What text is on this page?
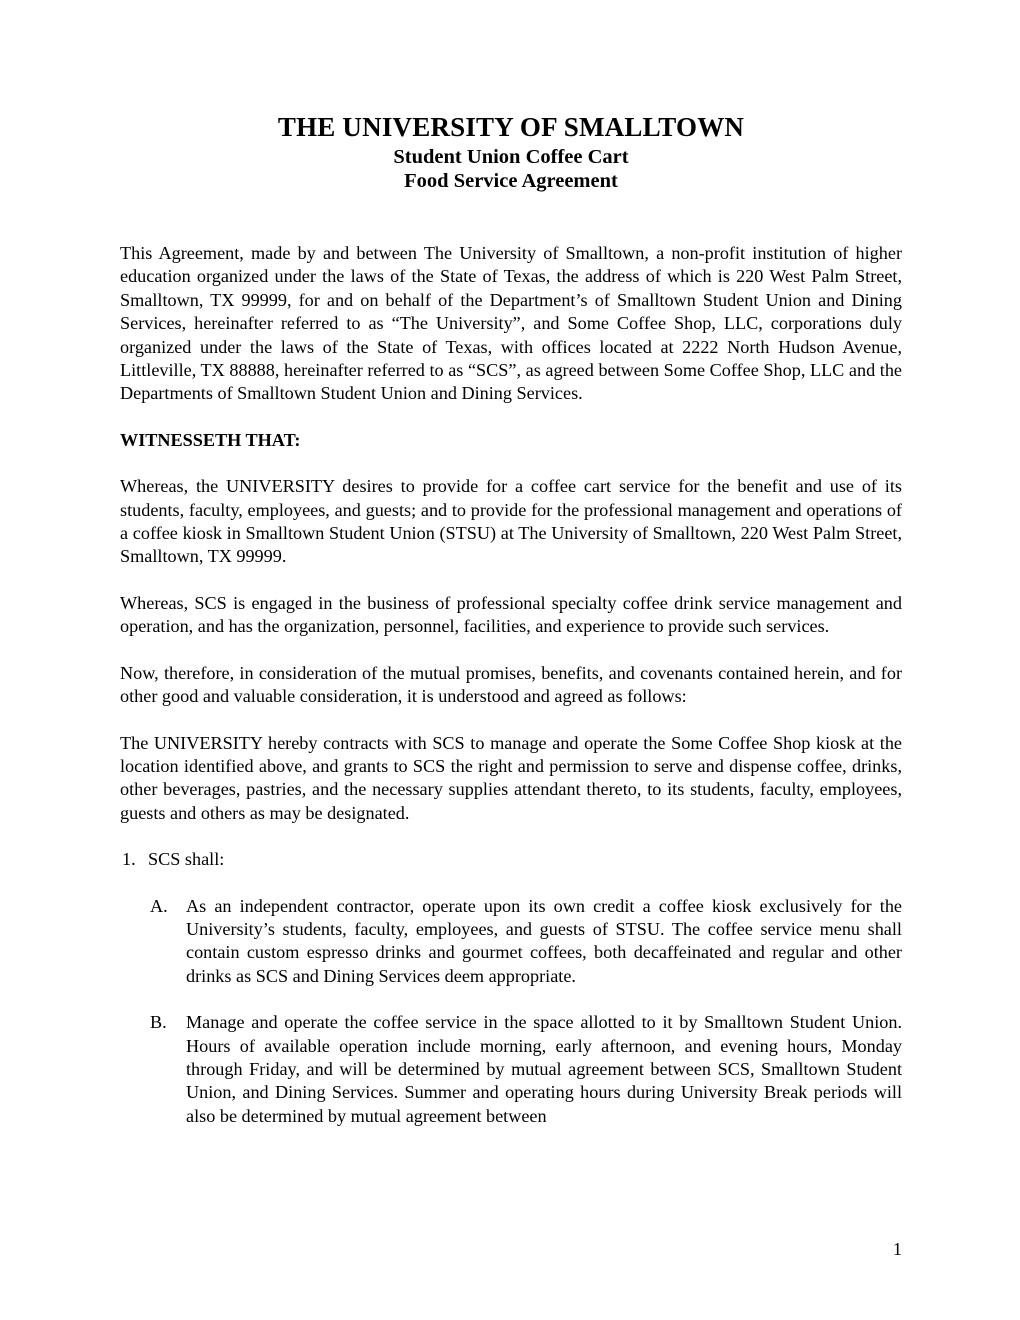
THE UNIVERSITY OF SMALLTOWN
Student Union Coffee Cart
Food Service Agreement

This Agreement, made by and between The University of Smalltown, a non-profit institution of higher education organized under the laws of the State of Texas, the address of which is 220 West Palm Street, Smalltown, TX 99999, for and on behalf of the Department’s of Smalltown Student Union and Dining Services, hereinafter referred to as “The University”, and Some Coffee Shop, LLC, corporations duly organized under the laws of the State of Texas, with offices located at 2222 North Hudson Avenue, Littleville, TX 88888, hereinafter referred to as “SCS”, as agreed between Some Coffee Shop, LLC and the Departments of Smalltown Student Union and Dining Services.

WITNESSETH THAT:

Whereas, the UNIVERSITY desires to provide for a coffee cart service for the benefit and use of its students, faculty, employees, and guests; and to provide for the professional management and operations of a coffee kiosk in Smalltown Student Union (STSU) at The University of Smalltown, 220 West Palm Street, Smalltown, TX 99999.

Whereas, SCS is engaged in the business of professional specialty coffee drink service management and operation, and has the organization, personnel, facilities, and experience to provide such services.

Now, therefore, in consideration of the mutual promises, benefits, and covenants contained herein, and for other good and valuable consideration, it is understood and agreed as follows:

The UNIVERSITY hereby contracts with SCS to manage and operate the Some Coffee Shop kiosk at the location identified above, and grants to SCS the right and permission to serve and dispense coffee, drinks, other beverages, pastries, and the necessary supplies attendant thereto, to its students, faculty, employees, guests and others as may be designated.

1. SCS shall:
A.	As an independent contractor, operate upon its own credit a coffee kiosk exclusively for the University’s students, faculty, employees, and guests of STSU. The coffee service menu shall contain custom espresso drinks and gourmet coffees, both decaffeinated and regular and other drinks as SCS and Dining Services deem appropriate.
B.	Manage and operate the coffee service in the space allotted to it by Smalltown Student Union. Hours of available operation include morning, early afternoon, and evening hours, Monday through Friday, and will be determined by mutual agreement between SCS, Smalltown Student Union, and Dining Services. Summer and operating hours during University Break periods will also be determined by mutual agreement between
1
